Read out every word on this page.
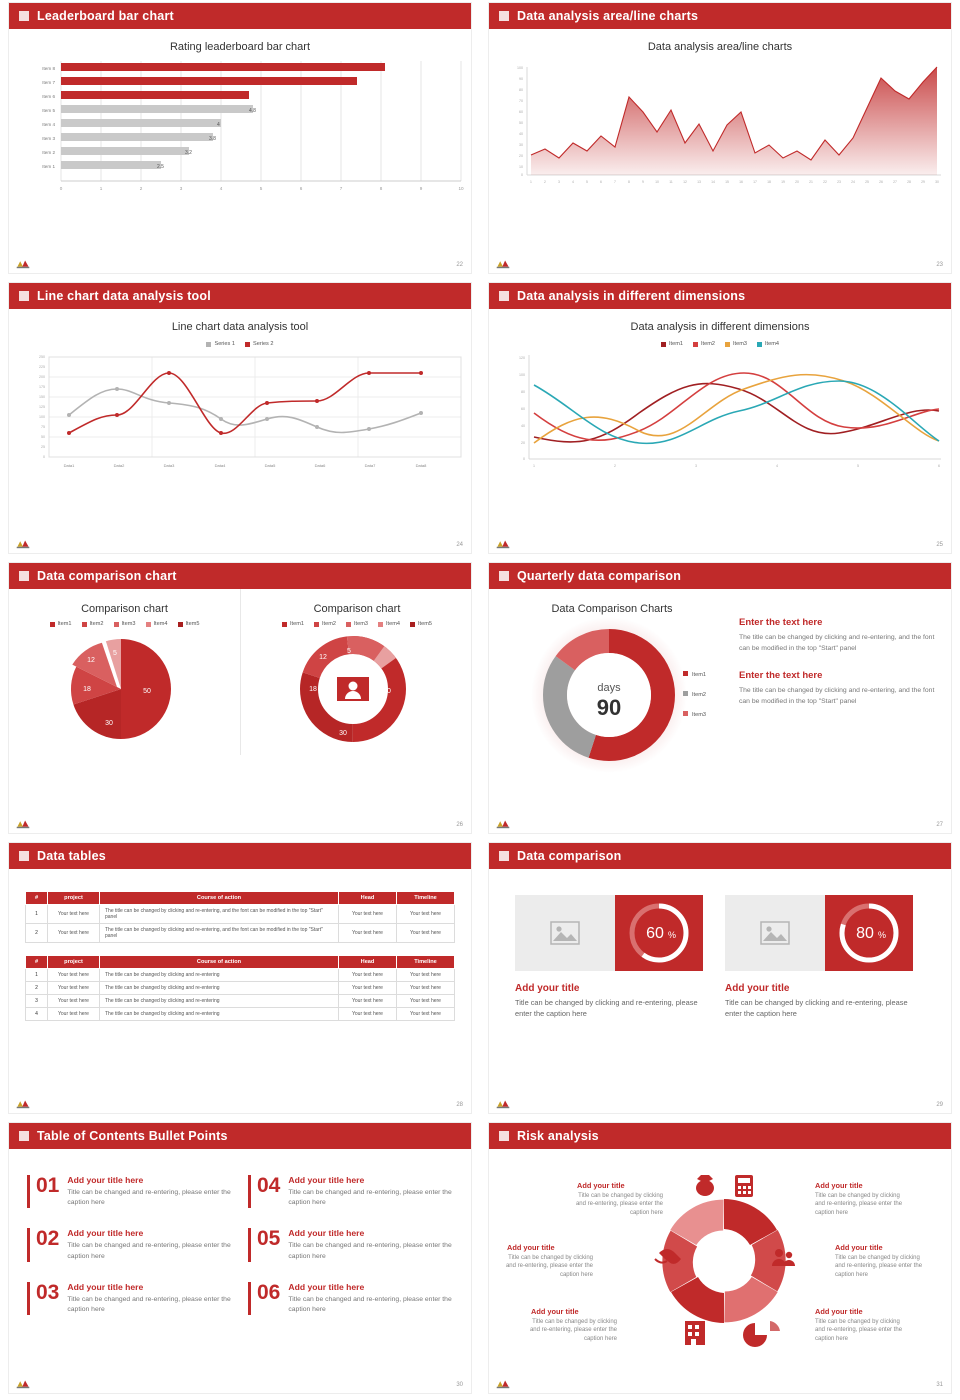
Leaderboard bar chart
Rating leaderboard bar chart
4.8
4
3.8
3.2
2.5
Item 8
Item 7
Item 6
Item 5
Item 4
Item 3
Item 2
Item 1
0	1	2	3	4	5	6	7	8	9	10
22
Data analysis area/line charts
Data analysis area/line charts
100
90
80
70
60
50
40
30
20
10
0
1	2	3	4	5	6	7	8	9	10	11	12	13	14	15	16	17	18	19	20	21	22	23	24	25	26	27	28	29	30
23
Line chart data analysis tool
Line chart data analysis tool
Series 1	Series 2
250
225
200
175
150
125
100
75
50
25
0
Data1	Data2	Data3	Data4	Data5	Data6	Data7	Data8
24
Data analysis in different dimensions
Data analysis in different dimensions
Item1	Item2	Item3	Item4
120
100
80
60
40
20
0
1	2	3	4	5	6
25
Data comparison chart
Comparison chart
Item1	Item2	Item3	Item4	Item5
50
30
18
12
5
Comparison chart
Item1	Item2	Item3	Item4	Item5
50
30
18
12
5
26
Quarterly data comparison
Data Comparison Charts
days
90
Item1
Item2
Item3
Enter the text here
The title can be changed by clicking and re-entering, and the font can be modified in the top "Start" panel
Enter the text here
The title can be changed by clicking and re-entering, and the font can be modified in the top "Start" panel
27
Data tables
#	project	Course of action	Head	Timeline
1	Your text here	The title can be changed by clicking and re-entering, and the font can be modified in the top "Start" panel	Your text here	Your text here
2	Your text here	The title can be changed by clicking and re-entering, and the font can be modified in the top "Start" panel	Your text here	Your text here
#	project	Course of action	Head	Timeline
1	Your text here	The title can be changed by clicking and re-entering	Your text here	Your text here
2	Your text here	The title can be changed by clicking and re-entering	Your text here	Your text here
3	Your text here	The title can be changed by clicking and re-entering	Your text here	Your text here
4	Your text here	The title can be changed by clicking and re-entering	Your text here	Your text here
28
Data comparison
60 %
Add your title
Title can be changed by clicking and re-entering, please enter the caption here
80 %
Add your title
Title can be changed by clicking and re-entering, please enter the caption here
29
Table of Contents Bullet Points
01 Add your title here
Title can be changed and re-entering, please enter the caption here
02 Add your title here
Title can be changed and re-entering, please enter the caption here
03 Add your title here
Title can be changed and re-entering, please enter the caption here
04 Add your title here
Title can be changed and re-entering, please enter the caption here
05 Add your title here
Title can be changed and re-entering, please enter the caption here
06 Add your title here
Title can be changed and re-entering, please enter the caption here
30
Risk analysis
Add your title
Title can be changed by clicking and re-entering, please enter the caption here
Add your title
Title can be changed by clicking and re-entering, please enter the caption here
Add your title
Title can be changed by clicking and re-entering, please enter the caption here
Add your title
Title can be changed by clicking and re-entering, please enter the caption here
Add your title
Title can be changed by clicking and re-entering, please enter the caption here
Add your title
Title can be changed by clicking and re-entering, please enter the caption here
31
